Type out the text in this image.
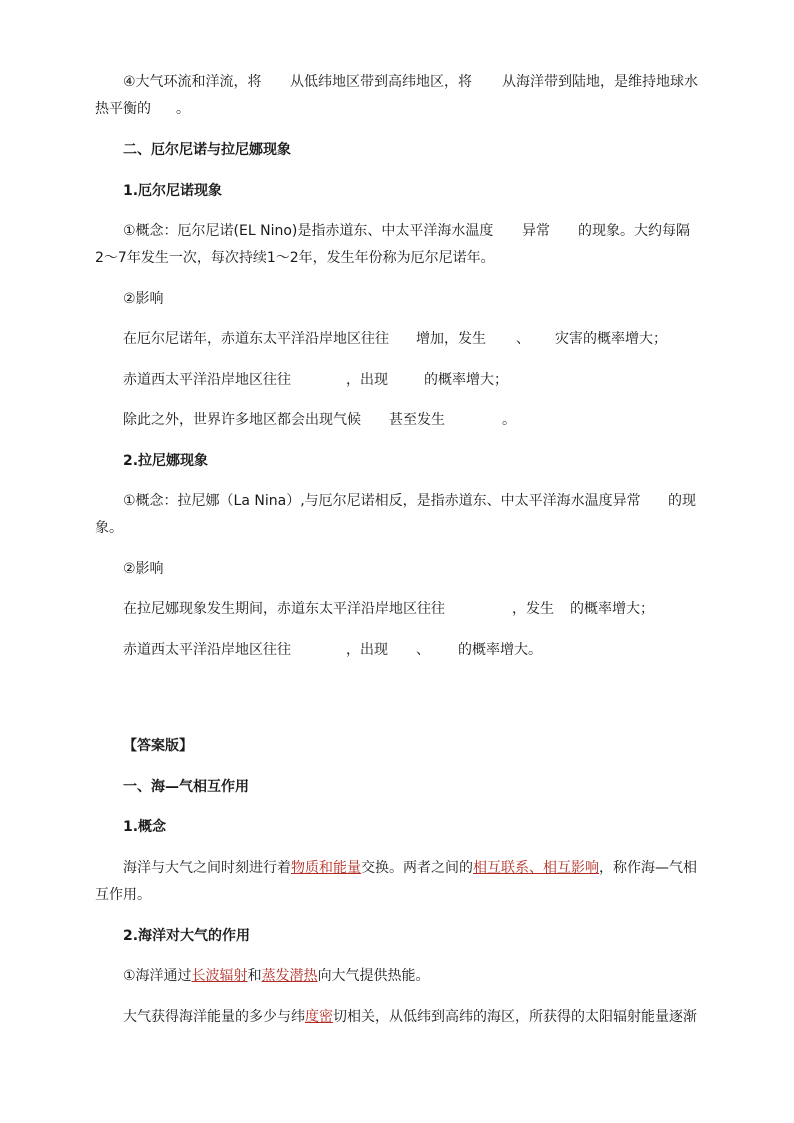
④大气环流和洋流，将 从低纬地区带到高纬地区，将 从海洋带到陆地，是维持地球水
热平衡的 。
二、厄尔尼诺与拉尼娜现象
1.厄尔尼诺现象
①概念：厄尔尼诺(EL Nino)是指赤道东、中太平洋海水温度 异常 的现象。大约每隔
2～7年发生一次，每次持续1～2年，发生年份称为厄尔尼诺年。
②影响
在厄尔尼诺年，赤道东太平洋沿岸地区往往 增加，发生 、 灾害的概率增大；
赤道西太平洋沿岸地区往往	，出现	的概率增大；
除此之外，世界许多地区都会出现气候 甚至发生	。
2.拉尼娜现象
①概念：拉尼娜（La Nina）,与厄尔尼诺相反，是指赤道东、中太平洋海水温度异常 的现
象。
②影响
在拉尼娜现象发生期间，赤道东太平洋沿岸地区往往	，发生 的概率增大；
赤道西太平洋沿岸地区往往	，出现 、 的概率增大。
【答案版】
一、海—气相互作用
1.概念
海洋与大气之间时刻进行着物质和能量交换。两者之间的相互联系、相互影响，称作海—气相
互作用。
2.海洋对大气的作用
①海洋通过长波辐射和蒸发潜热向大气提供热能。
大气获得海洋能量的多少与纬度密切相关，从低纬到高纬的海区，所获得的太阳辐射能量逐渐
